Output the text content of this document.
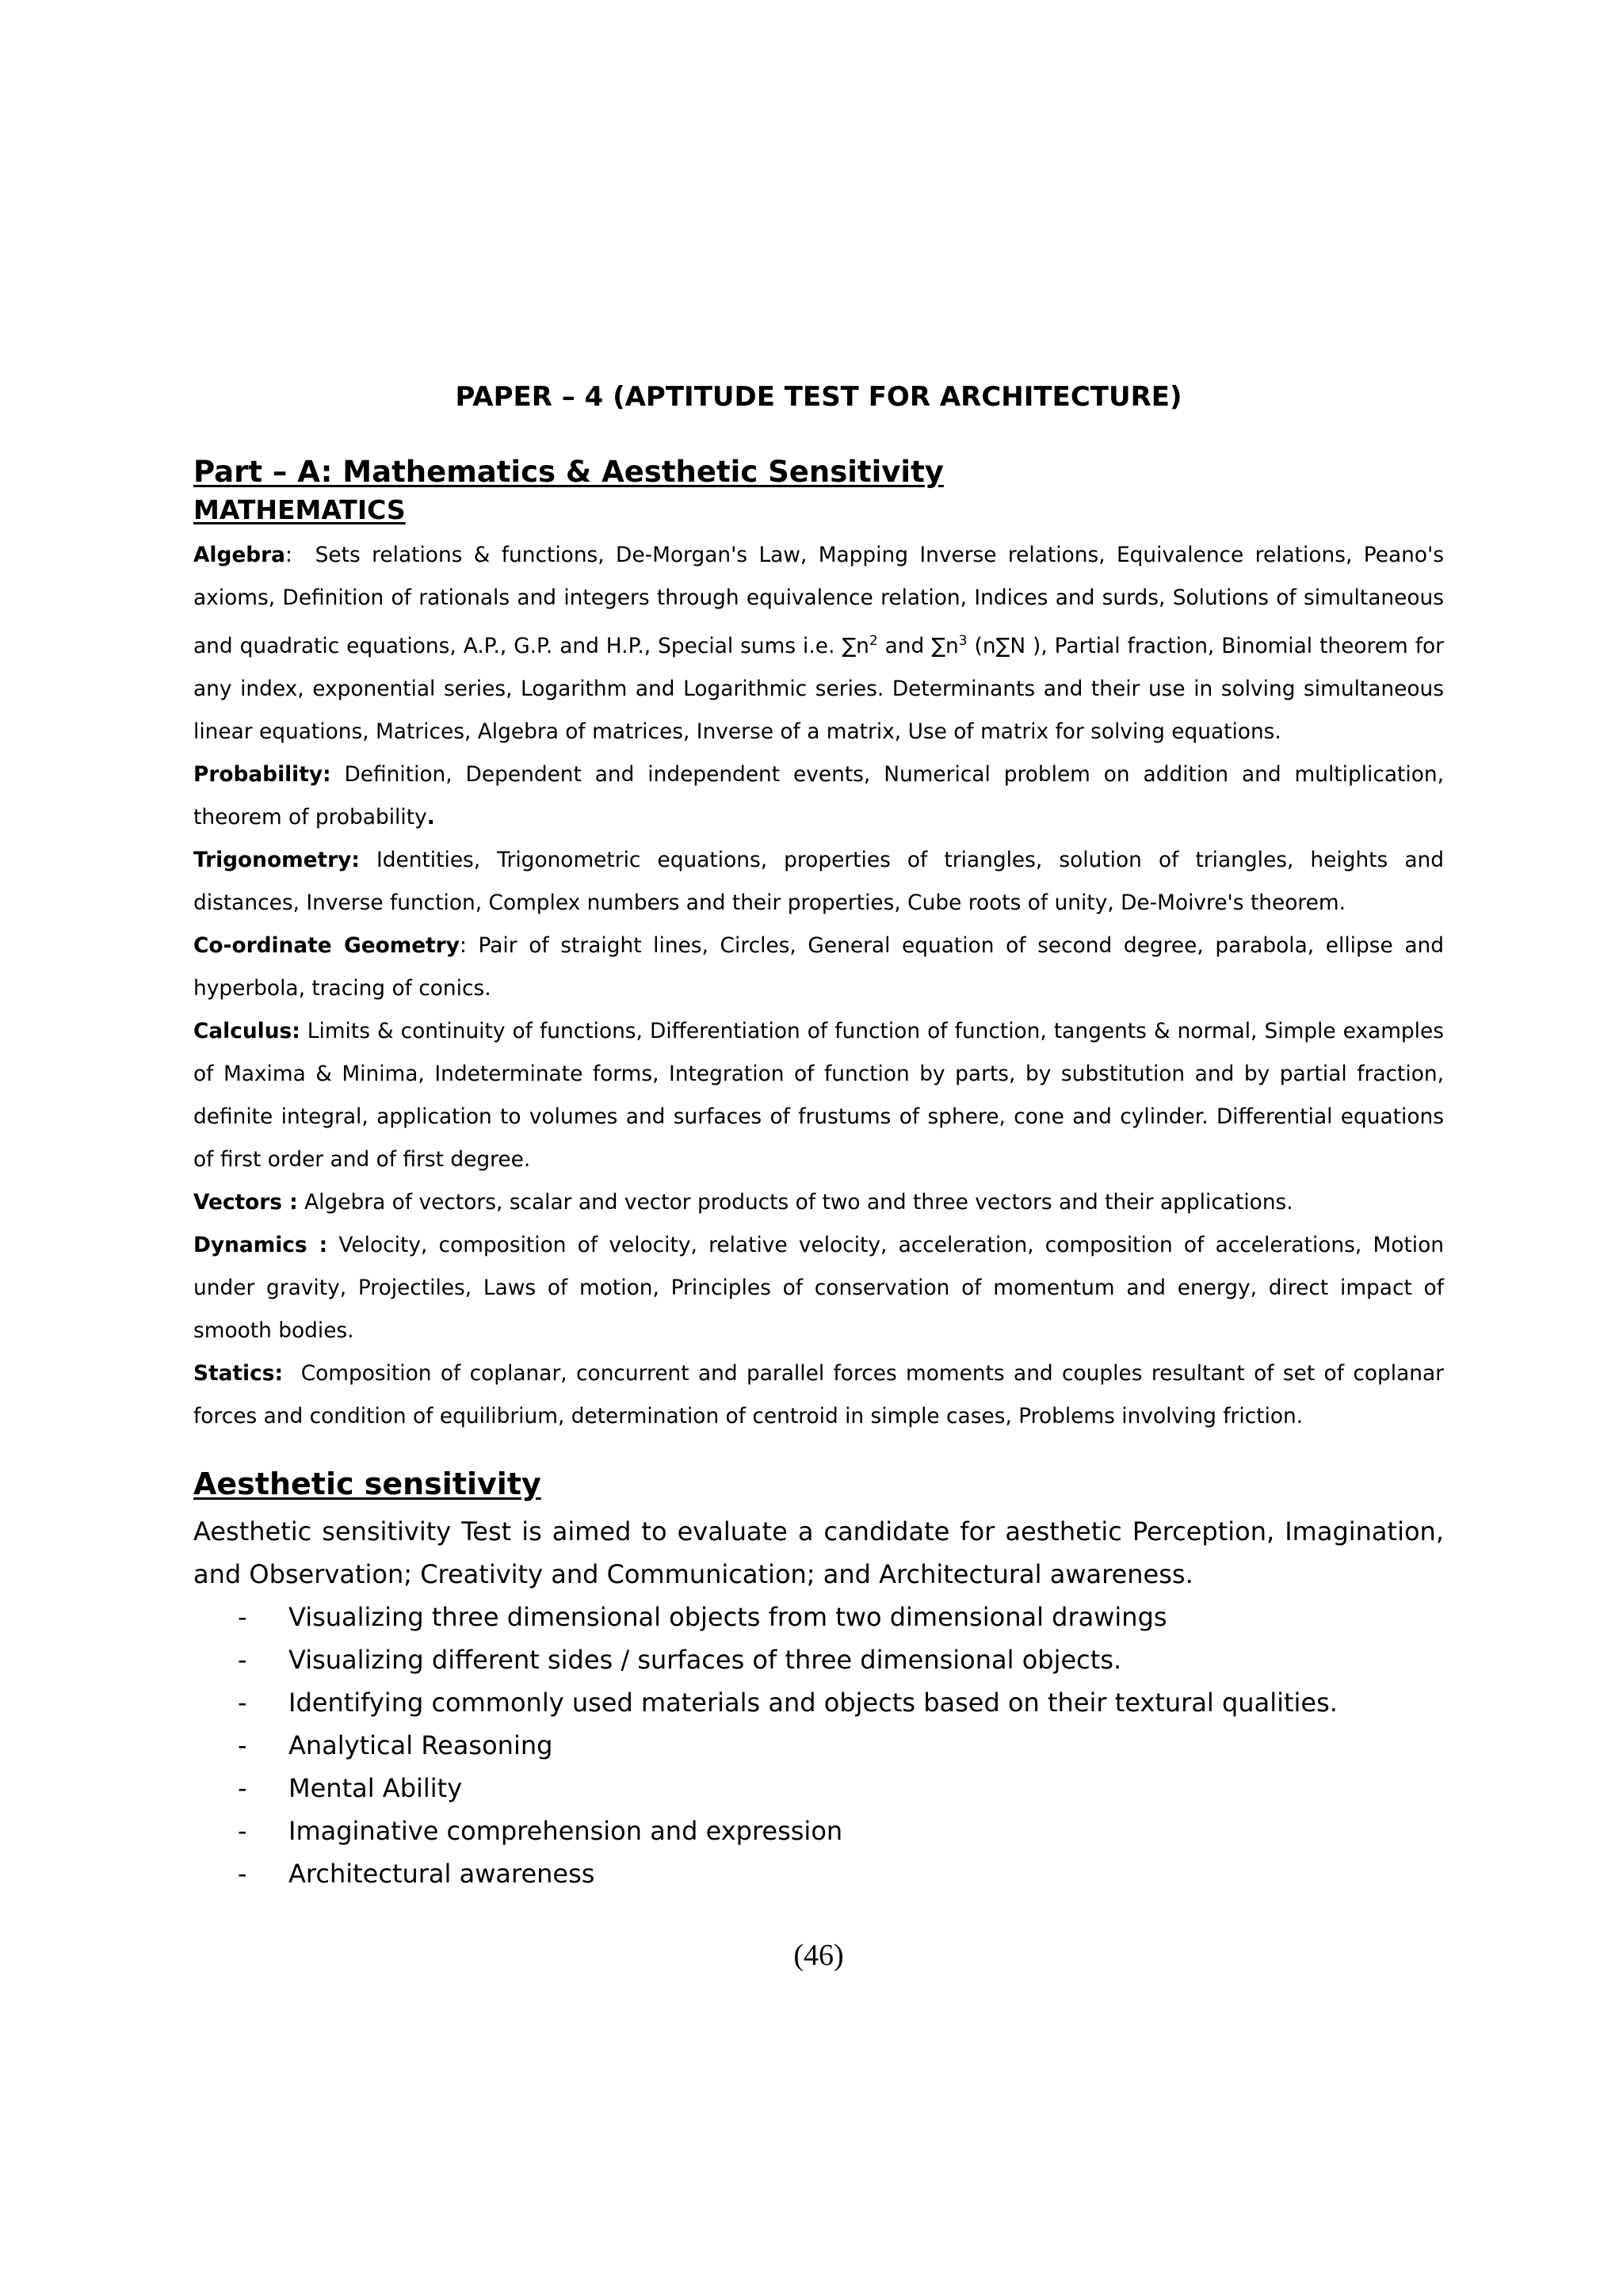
PAPER – 4 (APTITUDE TEST FOR ARCHITECTURE)
Part – A: Mathematics & Aesthetic Sensitivity
MATHEMATICS

Algebra:  Sets relations & functions, De-Morgan's Law, Mapping Inverse relations, Equivalence relations, Peano's axioms, Definition of rationals and integers through equivalence relation, Indices and surds, Solutions of simultaneous and quadratic equations, A.P., G.P. and H.P., Special sums i.e. $\sum n^2$ and $\sum n^3$ (n∑N ), Partial fraction, Binomial theorem for any index, exponential series, Logarithm and Logarithmic series. Determinants and their use in solving simultaneous linear equations, Matrices, Algebra of matrices, Inverse of a matrix, Use of matrix for solving equations.

Probability: Definition, Dependent and independent events, Numerical problem on addition and multiplication, theorem of probability.

Trigonometry: Identities, Trigonometric equations, properties of triangles, solution of triangles, heights and distances, Inverse function, Complex numbers and their properties, Cube roots of unity, De-Moivre's theorem.

Co-ordinate Geometry: Pair of straight lines, Circles, General equation of second degree, parabola, ellipse and hyperbola, tracing of conics.

Calculus: Limits & continuity of functions, Differentiation of function of function, tangents & normal, Simple examples of Maxima & Minima, Indeterminate forms, Integration of function by parts, by substitution and by partial fraction, definite integral, application to volumes and surfaces of frustums of sphere, cone and cylinder. Differential equations of first order and of first degree.

Vectors : Algebra of vectors, scalar and vector products of two and three vectors and their applications.

Dynamics : Velocity, composition of velocity, relative velocity, acceleration, composition of accelerations, Motion under gravity, Projectiles, Laws of motion, Principles of conservation of momentum and energy, direct impact of smooth bodies.

Statics:  Composition of coplanar, concurrent and parallel forces moments and couples resultant of set of coplanar forces and condition of equilibrium, determination of centroid in simple cases, Problems involving friction.

Aesthetic sensitivity

Aesthetic sensitivity Test is aimed to evaluate a candidate for aesthetic Perception, Imagination, and Observation; Creativity and Communication; and Architectural awareness.

- Visualizing three dimensional objects from two dimensional drawings
- Visualizing different sides / surfaces of three dimensional objects.
- Identifying commonly used materials and objects based on their textural qualities.
- Analytical Reasoning
- Mental Ability
- Imaginative comprehension and expression
- Architectural awareness
(46)
